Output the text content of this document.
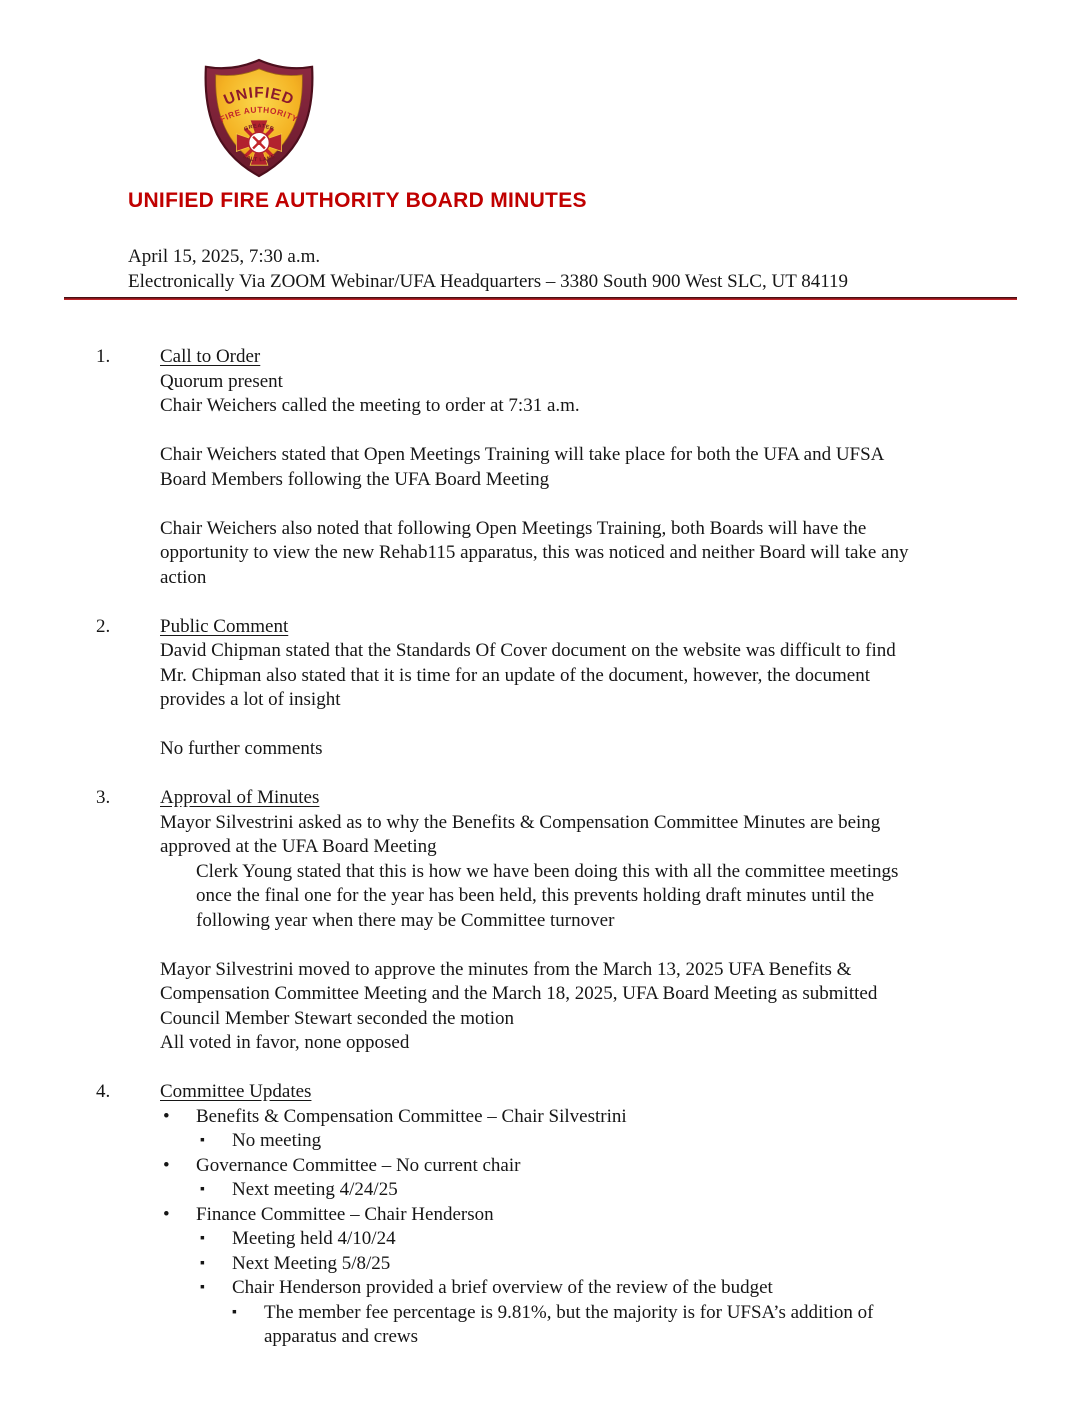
UNIFIED
FIRE AUTHORITY
GREATER
SALT LAKE
UNIFIED FIRE AUTHORITY BOARD MINUTES
April 15, 2025, 7:30 a.m.
Electronically Via ZOOM Webinar/UFA Headquarters – 3380 South 900 West SLC, UT 84119
1.	Call to Order
Quorum present
Chair Weichers called the meeting to order at 7:31 a.m.
Chair Weichers stated that Open Meetings Training will take place for both the UFA and UFSA
Board Members following the UFA Board Meeting
Chair Weichers also noted that following Open Meetings Training, both Boards will have the
opportunity to view the new Rehab115 apparatus, this was noticed and neither Board will take any
action
2.	Public Comment
David Chipman stated that the Standards Of Cover document on the website was difficult to find
Mr. Chipman also stated that it is time for an update of the document, however, the document
provides a lot of insight
No further comments
3.	Approval of Minutes
Mayor Silvestrini asked as to why the Benefits & Compensation Committee Minutes are being
approved at the UFA Board Meeting
Clerk Young stated that this is how we have been doing this with all the committee meetings
once the final one for the year has been held, this prevents holding draft minutes until the
following year when there may be Committee turnover
Mayor Silvestrini moved to approve the minutes from the March 13, 2025 UFA Benefits &
Compensation Committee Meeting and the March 18, 2025, UFA Board Meeting as submitted
Council Member Stewart seconded the motion
All voted in favor, none opposed
4.	Committee Updates
• Benefits & Compensation Committee – Chair Silvestrini
▪ No meeting
• Governance Committee – No current chair
▪ Next meeting 4/24/25
• Finance Committee – Chair Henderson
▪ Meeting held 4/10/24
▪ Next Meeting 5/8/25
▪ Chair Henderson provided a brief overview of the review of the budget
▪ The member fee percentage is 9.81%, but the majority is for UFSA’s addition of
apparatus and crews
